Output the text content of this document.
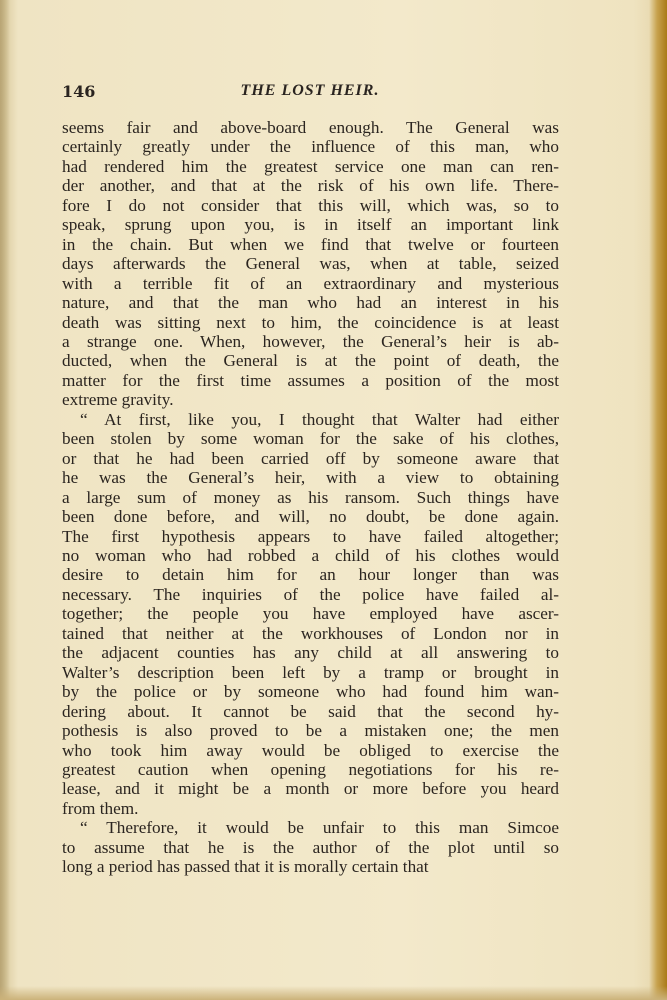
146	THE LOST HEIR.

seems fair and above-board enough. The General was
certainly greatly under the influence of this man, who
had rendered him the greatest service one man can ren-
der another, and that at the risk of his own life. There-
fore I do not consider that this will, which was, so to
speak, sprung upon you, is in itself an important link
in the chain. But when we find that twelve or fourteen
days afterwards the General was, when at table, seized
with a terrible fit of an extraordinary and mysterious
nature, and that the man who had an interest in his
death was sitting next to him, the coincidence is at least
a strange one. When, however, the General’s heir is ab-
ducted, when the General is at the point of death, the
matter for the first time assumes a position of the most
extreme gravity.

“ At first, like you, I thought that Walter had either
been stolen by some woman for the sake of his clothes,
or that he had been carried off by someone aware that
he was the General’s heir, with a view to obtaining
a large sum of money as his ransom. Such things have
been done before, and will, no doubt, be done again.
The first hypothesis appears to have failed altogether;
no woman who had robbed a child of his clothes would
desire to detain him for an hour longer than was
necessary. The inquiries of the police have failed al-
together; the people you have employed have ascer-
tained that neither at the workhouses of London nor in
the adjacent counties has any child at all answering to
Walter’s description been left by a tramp or brought in
by the police or by someone who had found him wan-
dering about. It cannot be said that the second hy-
pothesis is also proved to be a mistaken one; the men
who took him away would be obliged to exercise the
greatest caution when opening negotiations for his re-
lease, and it might be a month or more before you heard
from them.

“ Therefore, it would be unfair to this man Simcoe
to assume that he is the author of the plot until so
long a period has passed that it is morally certain that
